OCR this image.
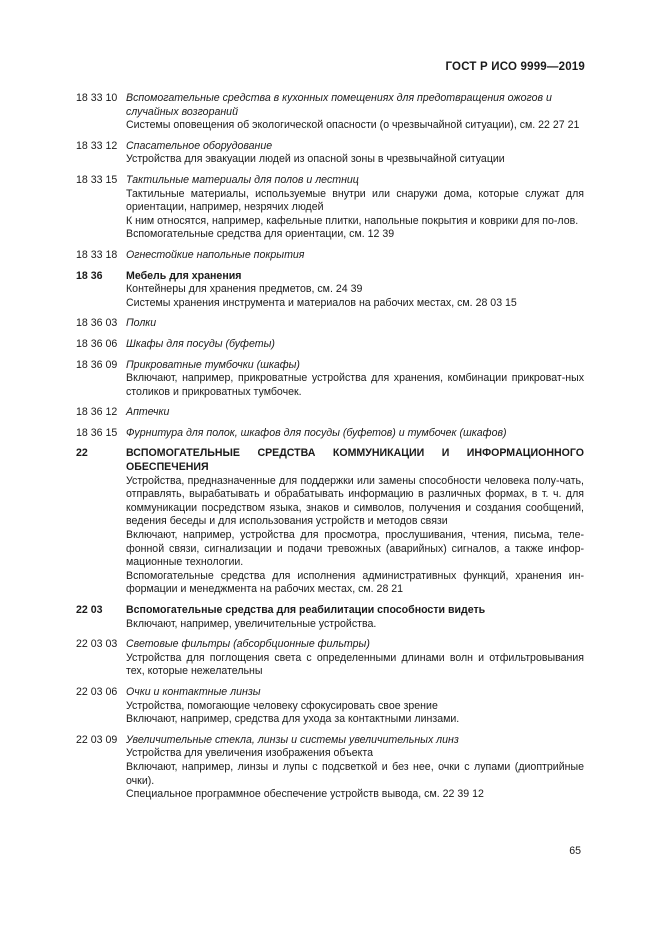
ГОСТ Р ИСО 9999—2019
18 33 10 Вспомогательные средства в кухонных помещениях для предотвращения ожогов и случайных возгораний
Системы оповещения об экологической опасности (о чрезвычайной ситуации), см. 22 27 21
18 33 12 Спасательное оборудование
Устройства для эвакуации людей из опасной зоны в чрезвычайной ситуации
18 33 15 Тактильные материалы для полов и лестниц
Тактильные материалы, используемые внутри или снаружи дома, которые служат для ориентации, например, незрячих людей
К ним относятся, например, кафельные плитки, напольные покрытия и коврики для по-лов.
Вспомогательные средства для ориентации, см. 12 39
18 33 18 Огнестойкие напольные покрытия
18 36	Мебель для хранения
Контейнеры для хранения предметов, см. 24 39
Системы хранения инструмента и материалов на рабочих местах, см. 28 03 15
18 36 03 Полки
18 36 06 Шкафы для посуды (буфеты)
18 36 09 Прикроватные тумбочки (шкафы)
Включают, например, прикроватные устройства для хранения, комбинации прикроват-ных столиков и прикроватных тумбочек.
18 36 12 Аптечки
18 36 15 Фурнитура для полок, шкафов для посуды (буфетов) и тумбочек (шкафов)
22	ВСПОМОГАТЕЛЬНЫЕ СРЕДСТВА КОММУНИКАЦИИ И ИНФОРМАЦИОННОГО
ОБЕСПЕЧЕНИЯ
Устройства, предназначенные для поддержки или замены способности человека полу-чать, отправлять, вырабатывать и обрабатывать информацию в различных формах, в т. ч. для коммуникации посредством языка, знаков и символов, получения и создания сообщений, ведения беседы и для использования устройств и методов связи
Включают, например, устройства для просмотра, прослушивания, чтения, письма, теле-фонной связи, сигнализации и подачи тревожных (аварийных) сигналов, а также инфор-мационные технологии.
Вспомогательные средства для исполнения административных функций, хранения ин-формации и менеджмента на рабочих местах, см. 28 21
22 03	Вспомогательные средства для реабилитации способности видеть
Включают, например, увеличительные устройства.
22 03 03 Световые фильтры (абсорбционные фильтры)
Устройства для поглощения света с определенными длинами волн и отфильтровывания тех, которые нежелательны
22 03 06 Очки и контактные линзы
Устройства, помогающие человеку сфокусировать свое зрение
Включают, например, средства для ухода за контактными линзами.
22 03 09 Увеличительные стекла, линзы и системы увеличительных линз
Устройства для увеличения изображения объекта
Включают, например, линзы и лупы с подсветкой и без нее, очки с лупами (диоптрийные очки).
Специальное программное обеспечение устройств вывода, см. 22 39 12
65
